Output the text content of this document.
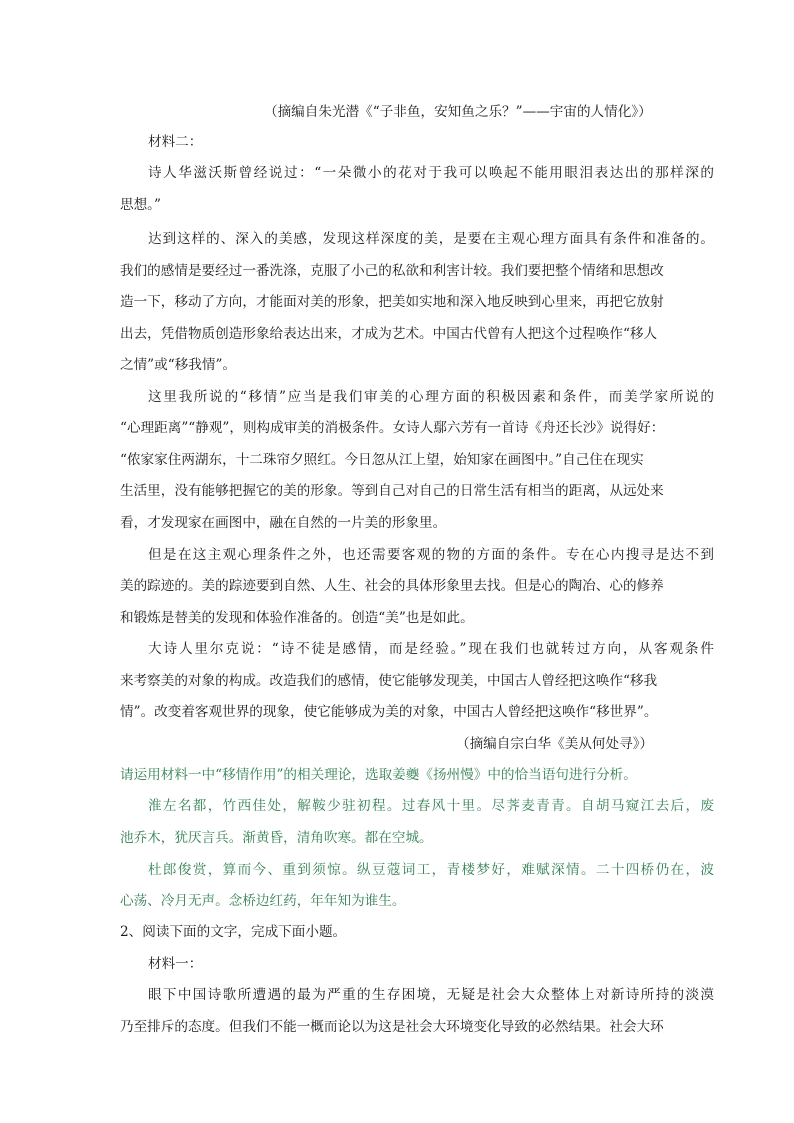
（摘编自朱光潜《“子非鱼，安知鱼之乐？”——宇宙的人情化》）
材料二：
诗人华滋沃斯曾经说过：“一朵微小的花对于我可以唤起不能用眼泪表达出的那样深的
思想。”
达到这样的、深入的美感，发现这样深度的美，是要在主观心理方面具有条件和准备的。
我们的感情是要经过一番洗涤，克服了小己的私欲和利害计较。我们要把整个情绪和思想改
造一下，移动了方向，才能面对美的形象，把美如实地和深入地反映到心里来，再把它放射
出去，凭借物质创造形象给表达出来，才成为艺术。中国古代曾有人把这个过程唤作“移人
之情”或“移我情”。
这里我所说的“移情”应当是我们审美的心理方面的积极因素和条件，而美学家所说的
“心理距离”“静观”，则构成审美的消极条件。女诗人鄢六芳有一首诗《舟还长沙》说得好：
“侬家家住两湖东，十二珠帘夕照红。今日忽从江上望，始知家在画图中。”自己住在现实
生活里，没有能够把握它的美的形象。等到自己对自己的日常生活有相当的距离，从远处来
看，才发现家在画图中，融在自然的一片美的形象里。
但是在这主观心理条件之外，也还需要客观的物的方面的条件。专在心内搜寻是达不到
美的踪迹的。美的踪迹要到自然、人生、社会的具体形象里去找。但是心的陶冶、心的修养
和锻炼是替美的发现和体验作准备的。创造“美”也是如此。
大诗人里尔克说：“诗不徒是感情，而是经验。”现在我们也就转过方向，从客观条件
来考察美的对象的构成。改造我们的感情，使它能够发现美，中国古人曾经把这唤作“移我
情”。改变着客观世界的现象，使它能够成为美的对象，中国古人曾经把这唤作“移世界”。
（摘编自宗白华《美从何处寻》）
请运用材料一中“移情作用”的相关理论，选取姜夔《扬州慢》中的恰当语句进行分析。
淮左名都，竹西佳处，解鞍少驻初程。过春风十里。尽荠麦青青。自胡马窥江去后，废
池乔木，犹厌言兵。渐黄昏，清角吹寒。都在空城。
杜郎俊赏，算而今、重到须惊。纵豆蔻词工，青楼梦好，难赋深情。二十四桥仍在，波
心荡、冷月无声。念桥边红药，年年知为谁生。
2、阅读下面的文字，完成下面小题。
材料一：
眼下中国诗歌所遭遇的最为严重的生存困境，无疑是社会大众整体上对新诗所持的淡漠
乃至排斥的态度。但我们不能一概而论以为这是社会大环境变化导致的必然结果。社会大环
